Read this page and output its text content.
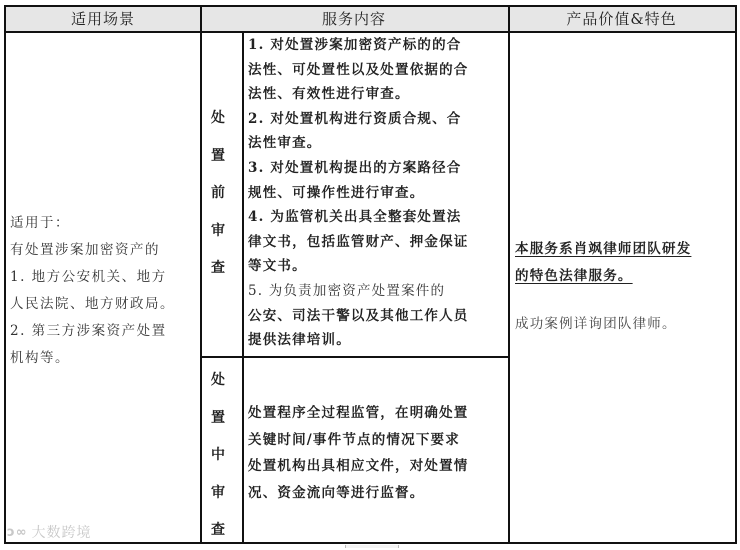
适用场景	服务内容	产品价值&特色
适用于：
有处置涉案加密资产的
1. 地方公安机关、地方
人民法院、地方财政局。
2. 第三方涉案资产处置
机构等。
处
置
前
审
查
1. 对处置涉案加密资产标的的合
法性、可处置性以及处置依据的合
法性、有效性进行审查。
2. 对处置机构进行资质合规、合
法性审查。
3. 对处置机构提出的方案路径合
规性、可操作性进行审查。
4. 为监管机关出具全整套处置法
律文书，包括监管财产、押金保证
等文书。
5. 为负责加密资产处置案件的
公安、司法干警以及其他工作人员
提供法律培训。
处
置
中
审
查
处置程序全过程监管，在明确处置
关键时间/事件节点的情况下要求
处置机构出具相应文件，对处置情
况、资金流向等进行监督。
本服务系肖飒律师团队研发
的特色法律服务。
成功案例详询团队律师。
ↄ∞ 大数跨境
